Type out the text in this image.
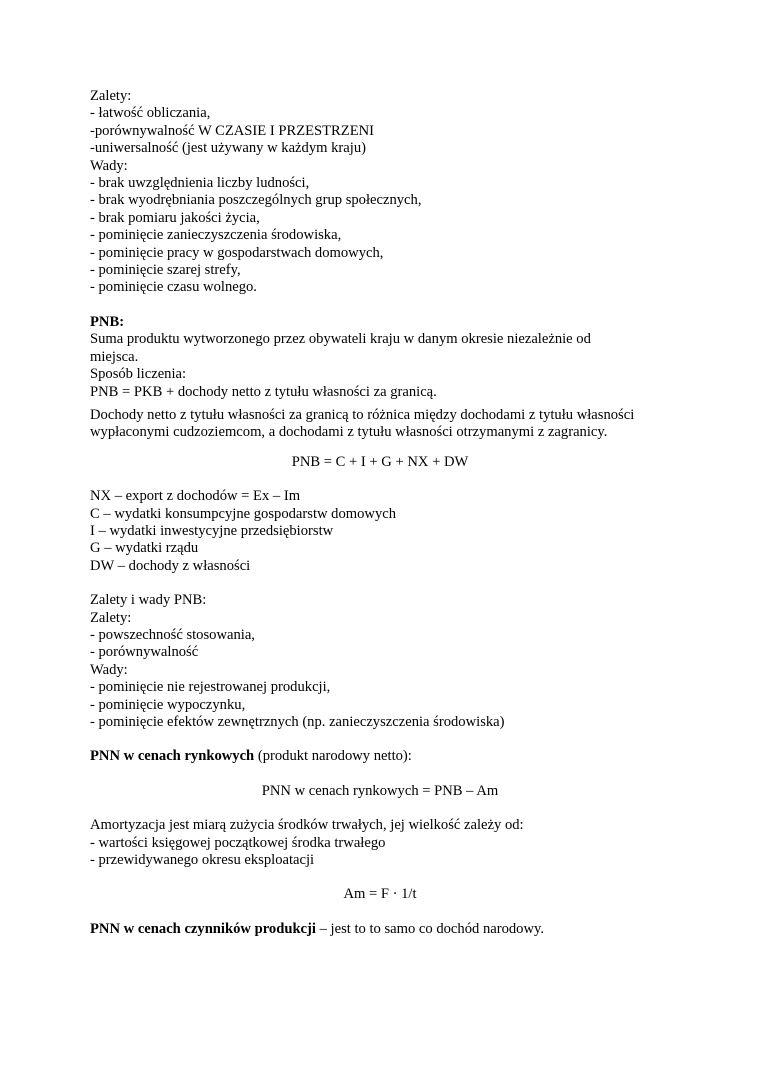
Zalety:
- łatwość obliczania,
-porównywalność W CZASIE I PRZESTRZENI
-uniwersalność (jest używany w każdym kraju)
Wady:
- brak uwzględnienia liczby ludności,
- brak wyodrębniania poszczególnych grup społecznych,
- brak pomiaru jakości życia,
- pominięcie zanieczyszczenia środowiska,
- pominięcie pracy w gospodarstwach domowych,
- pominięcie szarej strefy,
- pominięcie czasu wolnego.
PNB:
Suma produktu wytworzonego przez obywateli kraju w danym okresie niezależnie od
miejsca.
Sposób liczenia:
PNB = PKB + dochody netto z tytułu własności za granicą.
Dochody netto z tytułu własności za granicą to różnica między dochodami z tytułu własności
wypłaconymi cudzoziemcom, a dochodami z tytułu własności otrzymanymi z zagranicy.
PNB = C + I + G + NX + DW
NX – export z dochodów = Ex – Im
C – wydatki konsumpcyjne gospodarstw domowych
I – wydatki inwestycyjne przedsiębiorstw
G – wydatki rządu
DW – dochody z własności
Zalety i wady PNB:
Zalety:
- powszechność stosowania,
- porównywalność
Wady:
- pominięcie nie rejestrowanej produkcji,
- pominięcie wypoczynku,
- pominięcie efektów zewnętrznych (np. zanieczyszczenia środowiska)
PNN w cenach rynkowych (produkt narodowy netto):
PNN w cenach rynkowych = PNB – Am
Amortyzacja jest miarą zużycia środków trwałych, jej wielkość zależy od:
- wartości księgowej początkowej środka trwałego
- przewidywanego okresu eksploatacji
Am = F · 1/t
PNN w cenach czynników produkcji – jest to to samo co dochód narodowy.
